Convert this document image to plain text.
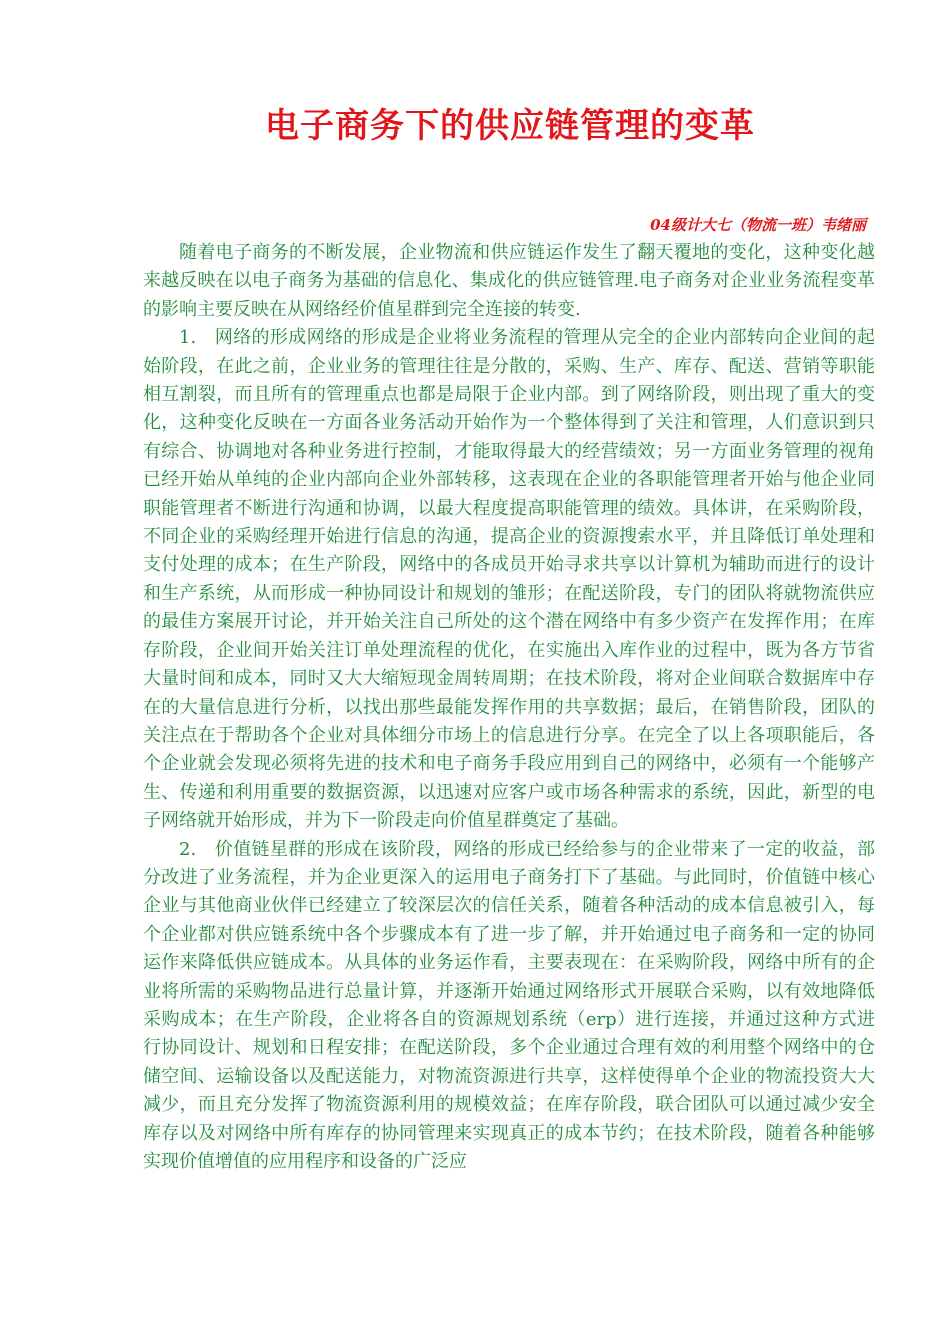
电子商务下的供应链管理的变革
04级计大七（物流一班）韦绪丽

随着电子商务的不断发展，企业物流和供应链运作发生了翻天覆地的变化，这种变化越来越反映在以电子商务为基础的信息化、集成化的供应链管理.电子商务对企业业务流程变革的影响主要反映在从网络经价值星群到完全连接的转变.

1.　网络的形成网络的形成是企业将业务流程的管理从完全的企业内部转向企业间的起始阶段，在此之前，企业业务的管理往往是分散的，采购、生产、库存、配送、营销等职能相互割裂，而且所有的管理重点也都是局限于企业内部。到了网络阶段，则出现了重大的变化，这种变化反映在一方面各业务活动开始作为一个整体得到了关注和管理，人们意识到只有综合、协调地对各种业务进行控制，才能取得最大的经营绩效；另一方面业务管理的视角已经开始从单纯的企业内部向企业外部转移，这表现在企业的各职能管理者开始与他企业同职能管理者不断进行沟通和协调，以最大程度提高职能管理的绩效。具体讲，在采购阶段，不同企业的采购经理开始进行信息的沟通，提高企业的资源搜索水平，并且降低订单处理和支付处理的成本；在生产阶段，网络中的各成员开始寻求共享以计算机为辅助而进行的设计和生产系统，从而形成一种协同设计和规划的雏形；在配送阶段，专门的团队将就物流供应的最佳方案展开讨论，并开始关注自己所处的这个潜在网络中有多少资产在发挥作用；在库存阶段，企业间开始关注订单处理流程的优化，在实施出入库作业的过程中，既为各方节省大量时间和成本，同时又大大缩短现金周转周期；在技术阶段，将对企业间联合数据库中存在的大量信息进行分析，以找出那些最能发挥作用的共享数据；最后，在销售阶段，团队的关注点在于帮助各个企业对具体细分市场上的信息进行分享。在完全了以上各项职能后，各个企业就会发现必须将先进的技术和电子商务手段应用到自己的网络中，必须有一个能够产生、传递和利用重要的数据资源，以迅速对应客户或市场各种需求的系统，因此，新型的电子网络就开始形成，并为下一阶段走向价值星群奠定了基础。

2.　价值链星群的形成在该阶段，网络的形成已经给参与的企业带来了一定的收益，部分改进了业务流程，并为企业更深入的运用电子商务打下了基础。与此同时，价值链中核心企业与其他商业伙伴已经建立了较深层次的信任关系，随着各种活动的成本信息被引入，每个企业都对供应链系统中各个步骤成本有了进一步了解，并开始通过电子商务和一定的协同运作来降低供应链成本。从具体的业务运作看，主要表现在：在采购阶段，网络中所有的企业将所需的采购物品进行总量计算，并逐渐开始通过网络形式开展联合采购，以有效地降低采购成本；在生产阶段，企业将各自的资源规划系统（erp）进行连接，并通过这种方式进行协同设计、规划和日程安排；在配送阶段，多个企业通过合理有效的利用整个网络中的仓储空间、运输设备以及配送能力，对物流资源进行共享，这样使得单个企业的物流投资大大减少，而且充分发挥了物流资源利用的规模效益；在库存阶段，联合团队可以通过减少安全库存以及对网络中所有库存的协同管理来实现真正的成本节约；在技术阶段，随着各种能够实现价值增值的应用程序和设备的广泛应
